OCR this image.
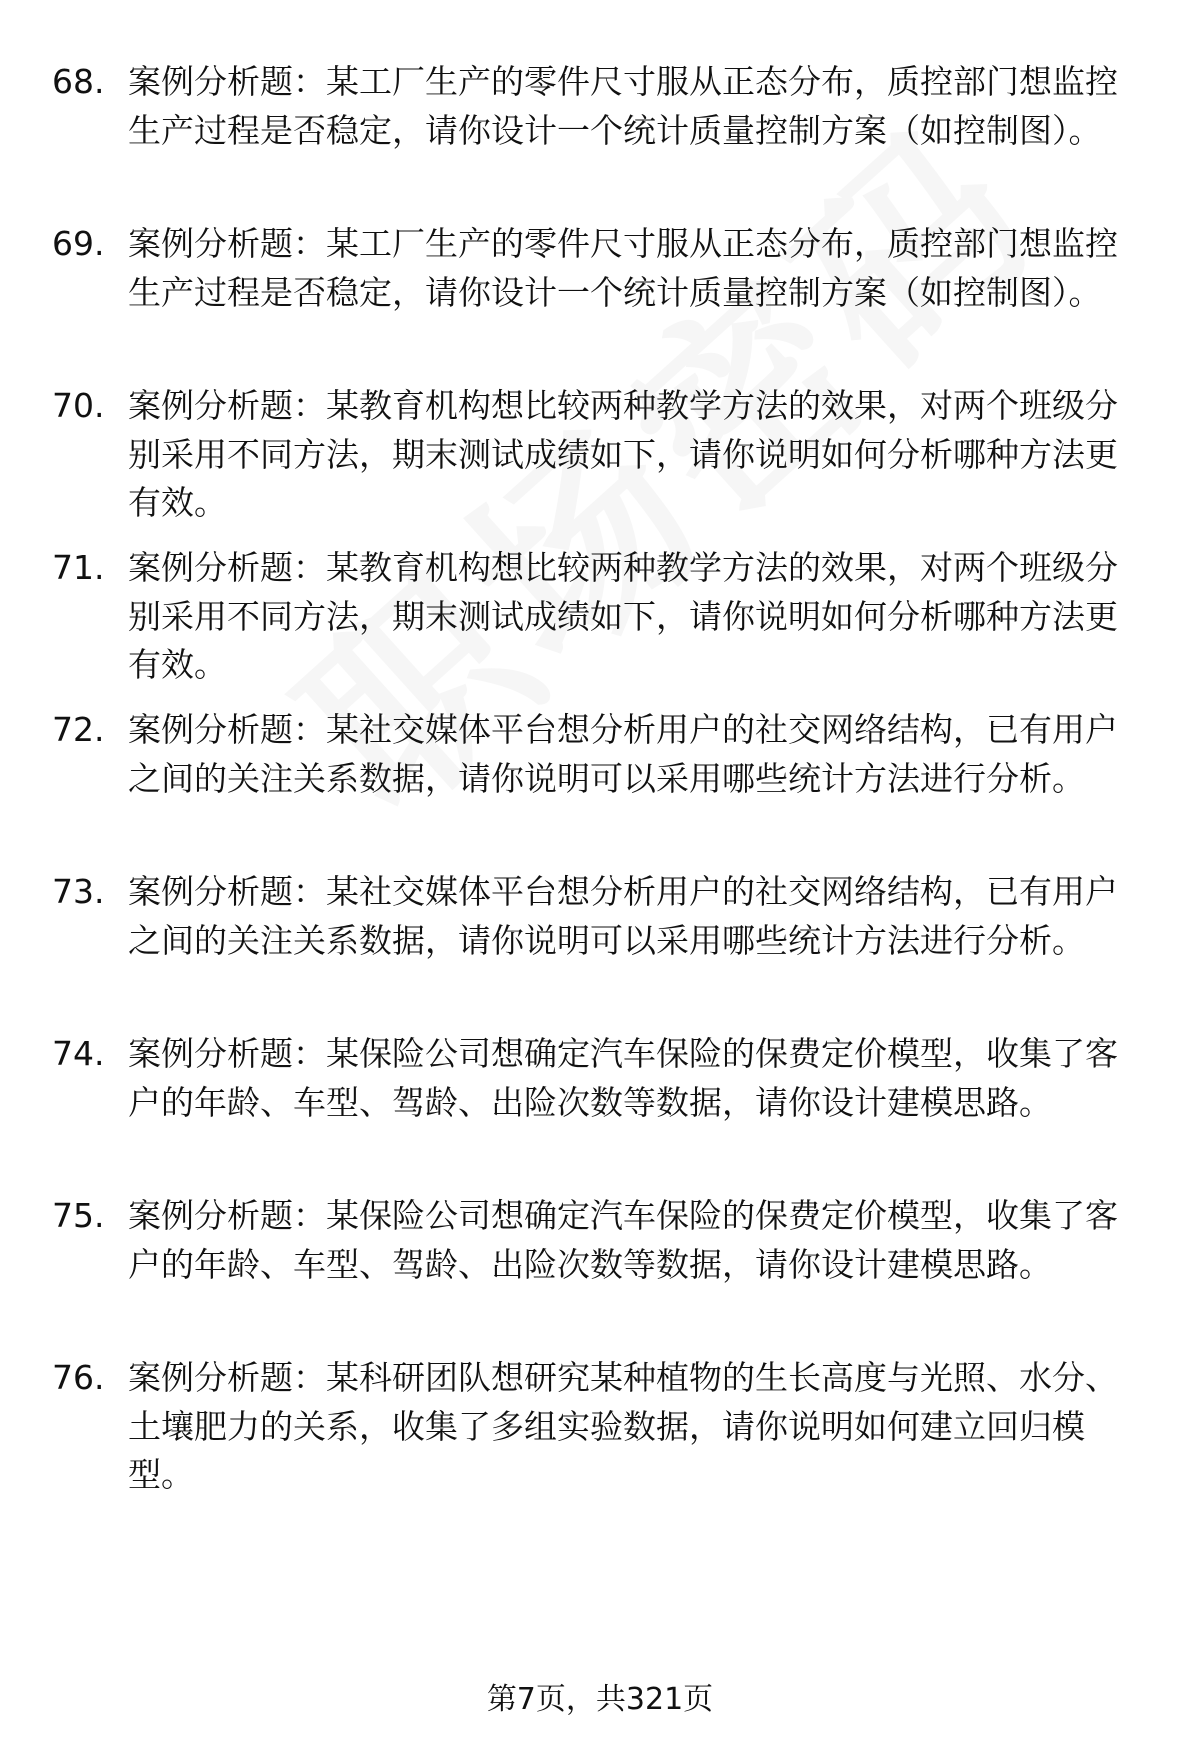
68. 案例分析题：某工厂生产的零件尺寸服从正态分布，质控部门想监控生产过程是否稳定，请你设计一个统计质量控制方案（如控制图）。
69. 案例分析题：某工厂生产的零件尺寸服从正态分布，质控部门想监控生产过程是否稳定，请你设计一个统计质量控制方案（如控制图）。
70. 案例分析题：某教育机构想比较两种教学方法的效果，对两个班级分别采用不同方法，期末测试成绩如下，请你说明如何分析哪种方法更有效。
71. 案例分析题：某教育机构想比较两种教学方法的效果，对两个班级分别采用不同方法，期末测试成绩如下，请你说明如何分析哪种方法更有效。
72. 案例分析题：某社交媒体平台想分析用户的社交网络结构，已有用户之间的关注关系数据，请你说明可以采用哪些统计方法进行分析。
73. 案例分析题：某社交媒体平台想分析用户的社交网络结构，已有用户之间的关注关系数据，请你说明可以采用哪些统计方法进行分析。
74. 案例分析题：某保险公司想确定汽车保险的保费定价模型，收集了客户的年龄、车型、驾龄、出险次数等数据，请你设计建模思路。
75. 案例分析题：某保险公司想确定汽车保险的保费定价模型，收集了客户的年龄、车型、驾龄、出险次数等数据，请你设计建模思路。
76. 案例分析题：某科研团队想研究某种植物的生长高度与光照、水分、土壤肥力的关系，收集了多组实验数据，请你说明如何建立回归模型。
第7页，共321页
